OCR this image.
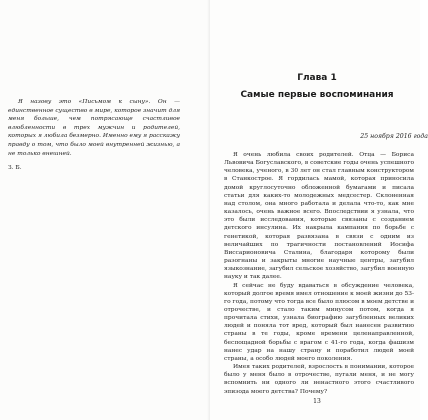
Я назову это «Письмом к сыну». Он — единственное существо в мире, которое значит для меня больше, чем потрясающе счастливое влюбленности в трех мужчин и родителей, которых я любила безмерно. Именно ему я расскажу правду о том, что было моей внутренней жизнью, а не только внешней.

З. Б.

Глава 1
Самые первые воспоминания
25 ноября 2016 года

Я очень любила своих родителей. Отца — Бориса Львовича Богуславского, в советские годы очень успешного человека, ученого, в 30 лет он стал главным конструктором в Станкострое. Я гордилась мамой, которая приносила домой круглосуточно обложенной бумагами и писала статьи для каких-то молодежных медсестер. Склоненная над столом, она много работала и делала что-то, как мне казалось, очень важное всего. Впоследствии я узнала, что это были исследования, которые связаны с созданием детского инсулина. Их накрыла кампания по борьбе с генетикой, которая развязана в связи с одним из величайших по трагичности постановлений Иосифа Виссарионовича Сталина, благодаря которому были разогнаны и закрыты многие научные центры, загубил языкознание, загубил сельское хозяйство, загубил военную науку и так далее.

Я сейчас не буду вдаваться в обсуждение человека, который долгое время имел отношение к моей жизни до 53-го года, потому что тогда все было плюсом в моем детстве и отрочестве, и стало таким минусом потом, когда я прочитала стихи, узнала биографию загубленных великих людей и поняла тот вред, который был нанесен развитию страны в те годы, кроме времени целенаправленной, беспощадной борьбы с врагом с 41-го года, когда фашизм нанес удар на нашу страну и поработил людей моей страны, а особо людей моего поколения.

Имея таких родителей, взрослость в понимании, которое было у меня было в отрочестве, пугали меня, и не могу вспомнить ни одного ли ненастного этого счастливого эпизода моего детства? Почему?

13
